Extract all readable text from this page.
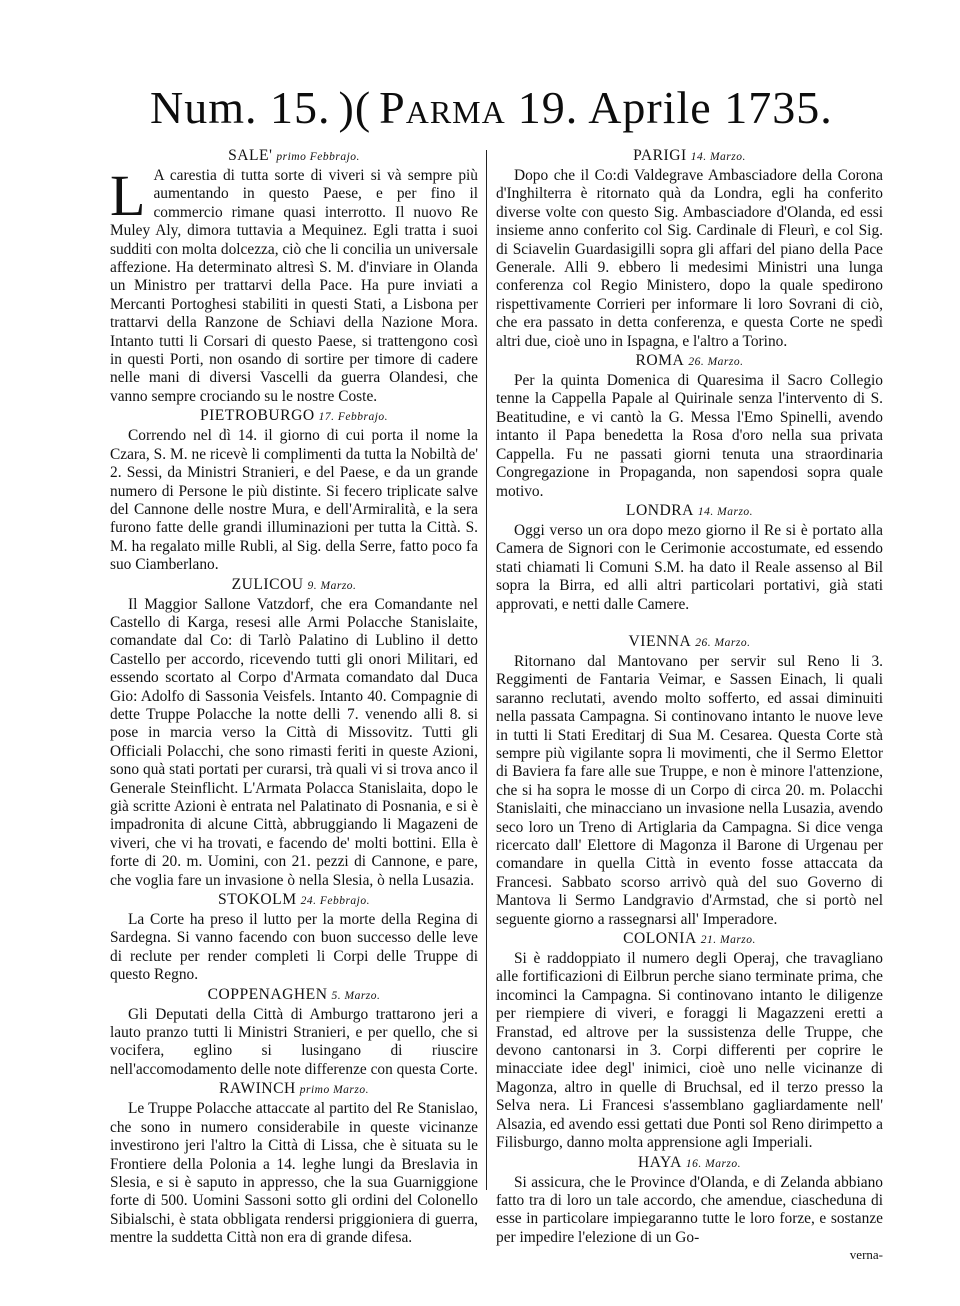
Num. 15. )( Parma 19. Aprile 1735.

SALE' primo Febbrajo.

L A carestia di tutta sorte di viveri si và sempre più aumentando in questo Paese, e per fino il commercio rimane quasi interrotto. Il nuovo Re Muley Aly, dimora tuttavia a Mequinez. Egli tratta i suoi sudditi con molta dolcezza, ciò che li concilia un universale affezione. Ha determinato altresì S. M. d'inviare in Olanda un Ministro per trattarvi della Pace. Ha pure inviati a Mercanti Portoghesi stabiliti in questi Stati, a Lisbona per trattarvi della Ranzone de Schiavi della Nazione Mora. Intanto tutti li Corsari di questo Paese, si trattengono così in questi Porti, non osando di sortire per timore di cadere nelle mani di diversi Vascelli da guerra Olandesi, che vanno sempre crociando su le nostre Coste.

PIETROBURGO 17. Febbrajo.

Correndo nel dì 14. il giorno di cui porta il nome la Czara, S. M. ne ricevè li complimenti da tutta la Nobiltà de' 2. Sessi, da Ministri Stranieri, e del Paese, e da un grande numero di Persone le più distinte. Si fecero triplicate salve del Cannone delle nostre Mura, e dell'Armiralità, e la sera furono fatte delle grandi illuminazioni per tutta la Città. S. M. ha regalato mille Rubli, al Sig. della Serre, fatto poco fa suo Ciamberlano.

ZULICOU 9. Marzo.

Il Maggior Sallone Vatzdorf, che era Comandante nel Castello di Karga, resesi alle Armi Polacche Stanislaite, comandate dal Co: di Tarlò Palatino di Lublino il detto Castello per accordo, ricevendo tutti gli onori Militari, ed essendo scortato al Corpo d'Armata comandato dal Duca Gio: Adolfo di Sassonia Veisfels. Intanto 40. Compagnie di dette Truppe Polacche la notte delli 7. venendo alli 8. si pose in marcia verso la Città di Missovitz. Tutti gli Officiali Polacchi, che sono rimasti feriti in queste Azioni, sono quà stati portati per curarsi, trà quali vi si trova anco il Generale Steinflicht. L'Armata Polacca Stanislaita, dopo le già scritte Azioni è entrata nel Palatinato di Posnania, e si è impadronita di alcune Città, abbruggiando li Magazeni de viveri, che vi ha trovati, e facendo de' molti bottini. Ella è forte di 20. m. Uomini, con 21. pezzi di Cannone, e pare, che voglia fare un invasione ò nella Slesia, ò nella Lusazia.

STOKOLM 24. Febbrajo.

La Corte ha preso il lutto per la morte della Regina di Sardegna. Si vanno facendo con buon successo delle leve di reclute per render completi li Corpi delle Truppe di questo Regno.

COPPENAGHEN 5. Marzo.

Gli Deputati della Città di Amburgo trattarono jeri a lauto pranzo tutti li Ministri Stranieri, e per quello, che si vocifera, eglino si lusingano di riuscire nell'accomodamento delle note differenze con questa Corte.

RAWINCH primo Marzo.

Le Truppe Polacche attaccate al partito del Re Stanislao, che sono in numero considerabile in queste vicinanze investirono jeri l'altro la Città di Lissa, che è situata su le Frontiere della Polonia a 14. leghe lungi da Breslavia in Slesia, e si è saputo in appresso, che la sua Guarniggione forte di 500. Uomini Sassoni sotto gli ordini del Colonello Sibialschi, è stata obbligata rendersi priggioniera di guerra, mentre la suddetta Città non era di grande difesa.

PARIGI 14. Marzo.

Dopo che il Co:di Valdegrave Ambasciadore della Corona d'Inghilterra è ritornato quà da Londra, egli ha conferito diverse volte con questo Sig. Ambasciadore d'Olanda, ed essi insieme anno conferito col Sig. Cardinale di Fleurì, e col Sig. di Sciavelin Guardasigilli sopra gli affari del piano della Pace Generale. Alli 9. ebbero li medesimi Ministri una lunga conferenza col Regio Ministero, dopo la quale spedirono rispettivamente Corrieri per informare li loro Sovrani di ciò, che era passato in detta conferenza, e questa Corte ne spedì altri due, cioè uno in Ispagna, e l'altro a Torino.

ROMA 26. Marzo.

Per la quinta Domenica di Quaresima il Sacro Collegio tenne la Cappella Papale al Quirinale senza l'intervento di S. Beatitudine, e vi cantò la G. Messa l'Emo Spinelli, avendo intanto il Papa benedetta la Rosa d'oro nella sua privata Cappella. Fu ne passati giorni tenuta una straordinaria Congregazione in Propaganda, non sapendosi sopra quale motivo.

LONDRA 14. Marzo.

Oggi verso un ora dopo mezo giorno il Re si è portato alla Camera de Signori con le Cerimonie accostumate, ed essendo stati chiamati li Comuni S.M. ha dato il Reale assenso al Bil sopra la Birra, ed alli altri particolari portativi, già stati approvati, e netti dalle Camere.

VIENNA 26. Marzo.

Ritornano dal Mantovano per servir sul Reno li 3. Reggimenti de Fantaria Veimar, e Sassen Einach, li quali saranno reclutati, avendo molto sofferto, ed assai diminuiti nella passata Campagna. Si continovano intanto le nuove leve in tutti li Stati Ereditarj di Sua M. Cesarea. Questa Corte stà sempre più vigilante sopra li movimenti, che il Sermo Elettor di Baviera fa fare alle sue Truppe, e non è minore l'attenzione, che si ha sopra le mosse di un Corpo di circa 20. m. Polacchi Stanislaiti, che minacciano un invasione nella Lusazia, avendo seco loro un Treno di Artiglaria da Campagna. Si dice venga ricercato dall' Elettore di Magonza il Barone di Urgenau per comandare in quella Città in evento fosse attaccata da Francesi. Sabbato scorso arrivò quà del suo Governo di Mantova li Sermo Landgravio d'Armstad, che si portò nel seguente giorno a rassegnarsi all' Imperadore.

COLONIA 21. Marzo.

Si è raddoppiato il numero degli Operaj, che travagliano alle fortificazioni di Eilbrun perche siano terminate prima, che incominci la Campagna. Si continovano intanto le diligenze per riempiere di viveri, e foraggi li Magazzeni eretti a Franstad, ed altrove per la sussistenza delle Truppe, che devono cantonarsi in 3. Corpi differenti per coprire le minacciate idee degl' inimici, cioè uno nelle vicinanze di Magonza, altro in quelle di Bruchsal, ed il terzo presso la Selva nera. Li Francesi s'assemblano gagliardamente nell' Alsazia, ed avendo essi gettati due Ponti sol Reno dirimpetto a Filisburgo, danno molta apprensione agli Imperiali.

HAYA 16. Marzo.

Si assicura, che le Province d'Olanda, e di Zelanda abbiano fatto tra di loro un tale accordo, che amendue, ciascheduna di esse in particolare impiegaranno tutte le loro forze, e sostanze per impedire l'elezione di un Go-

verna-
